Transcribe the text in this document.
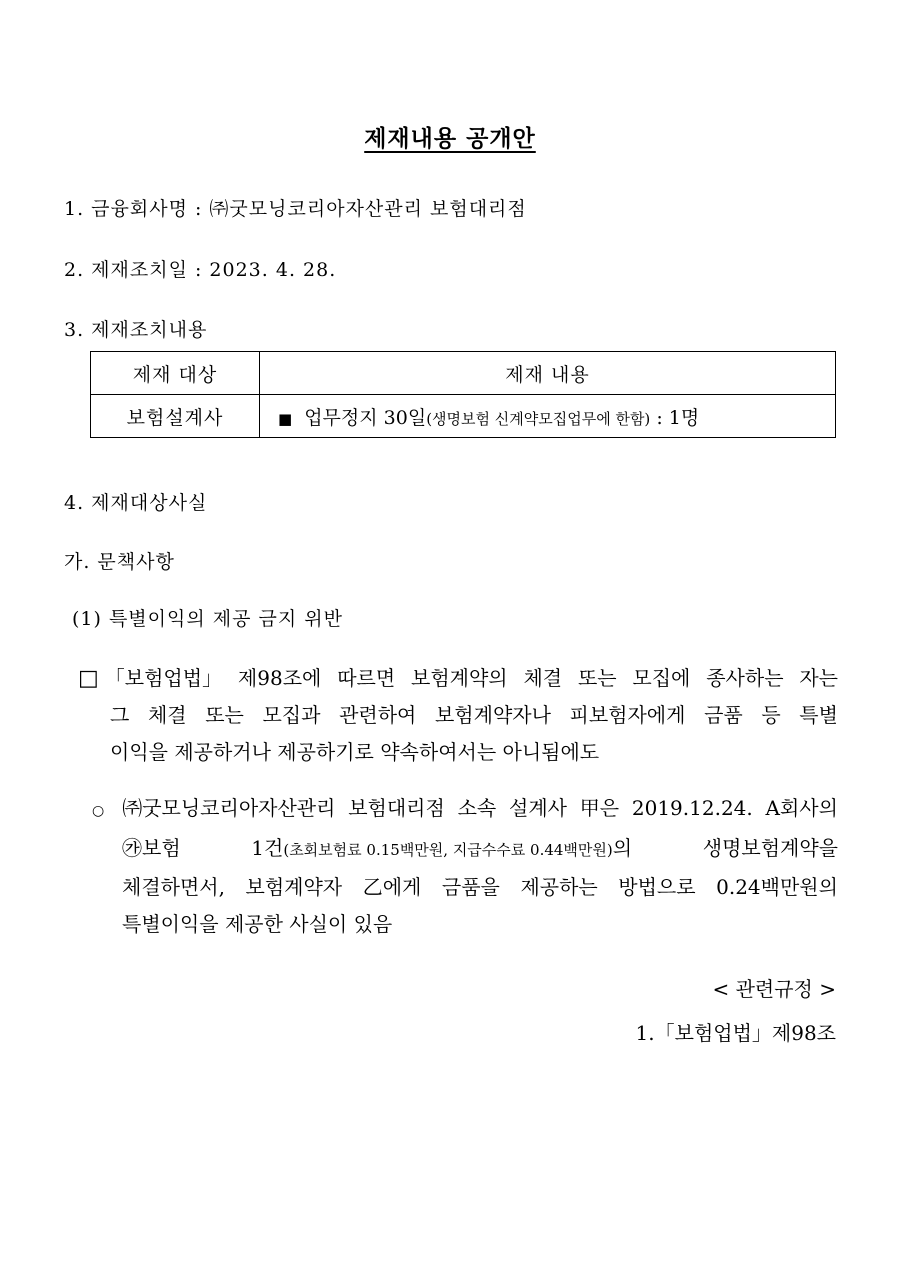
제재내용 공개안
1. 금융회사명 : ㈜굿모닝코리아자산관리 보험대리점
2. 제재조치일 : 2023. 4. 28.
3. 제재조치내용
제재 대상	제재 내용
보험설계사	■ 업무정지 30일(생명보험 신계약모집업무에 한함) : 1명
4. 제재대상사실
가. 문책사항
(1) 특별이익의 제공 금지 위반
□ 「보험업법」 제98조에 따르면 보험계약의 체결 또는 모집에 종사하는 자는
그 체결 또는 모집과 관련하여 보험계약자나 피보험자에게 금품 등 특별
이익을 제공하거나 제공하기로 약속하여서는 아니됨에도
○ ㈜굿모닝코리아자산관리 보험대리점 소속 설계사 甲은 2019.12.24. A회사의
㉮보험	1건(초회보험료 0.15백만원, 지급수수료 0.44백만원)의	생명보험계약을
체결하면서, 보험계약자 乙에게 금품을 제공하는 방법으로 0.24백만원의
특별이익을 제공한 사실이 있음
< 관련규정 >
1.「보험업법」제98조
